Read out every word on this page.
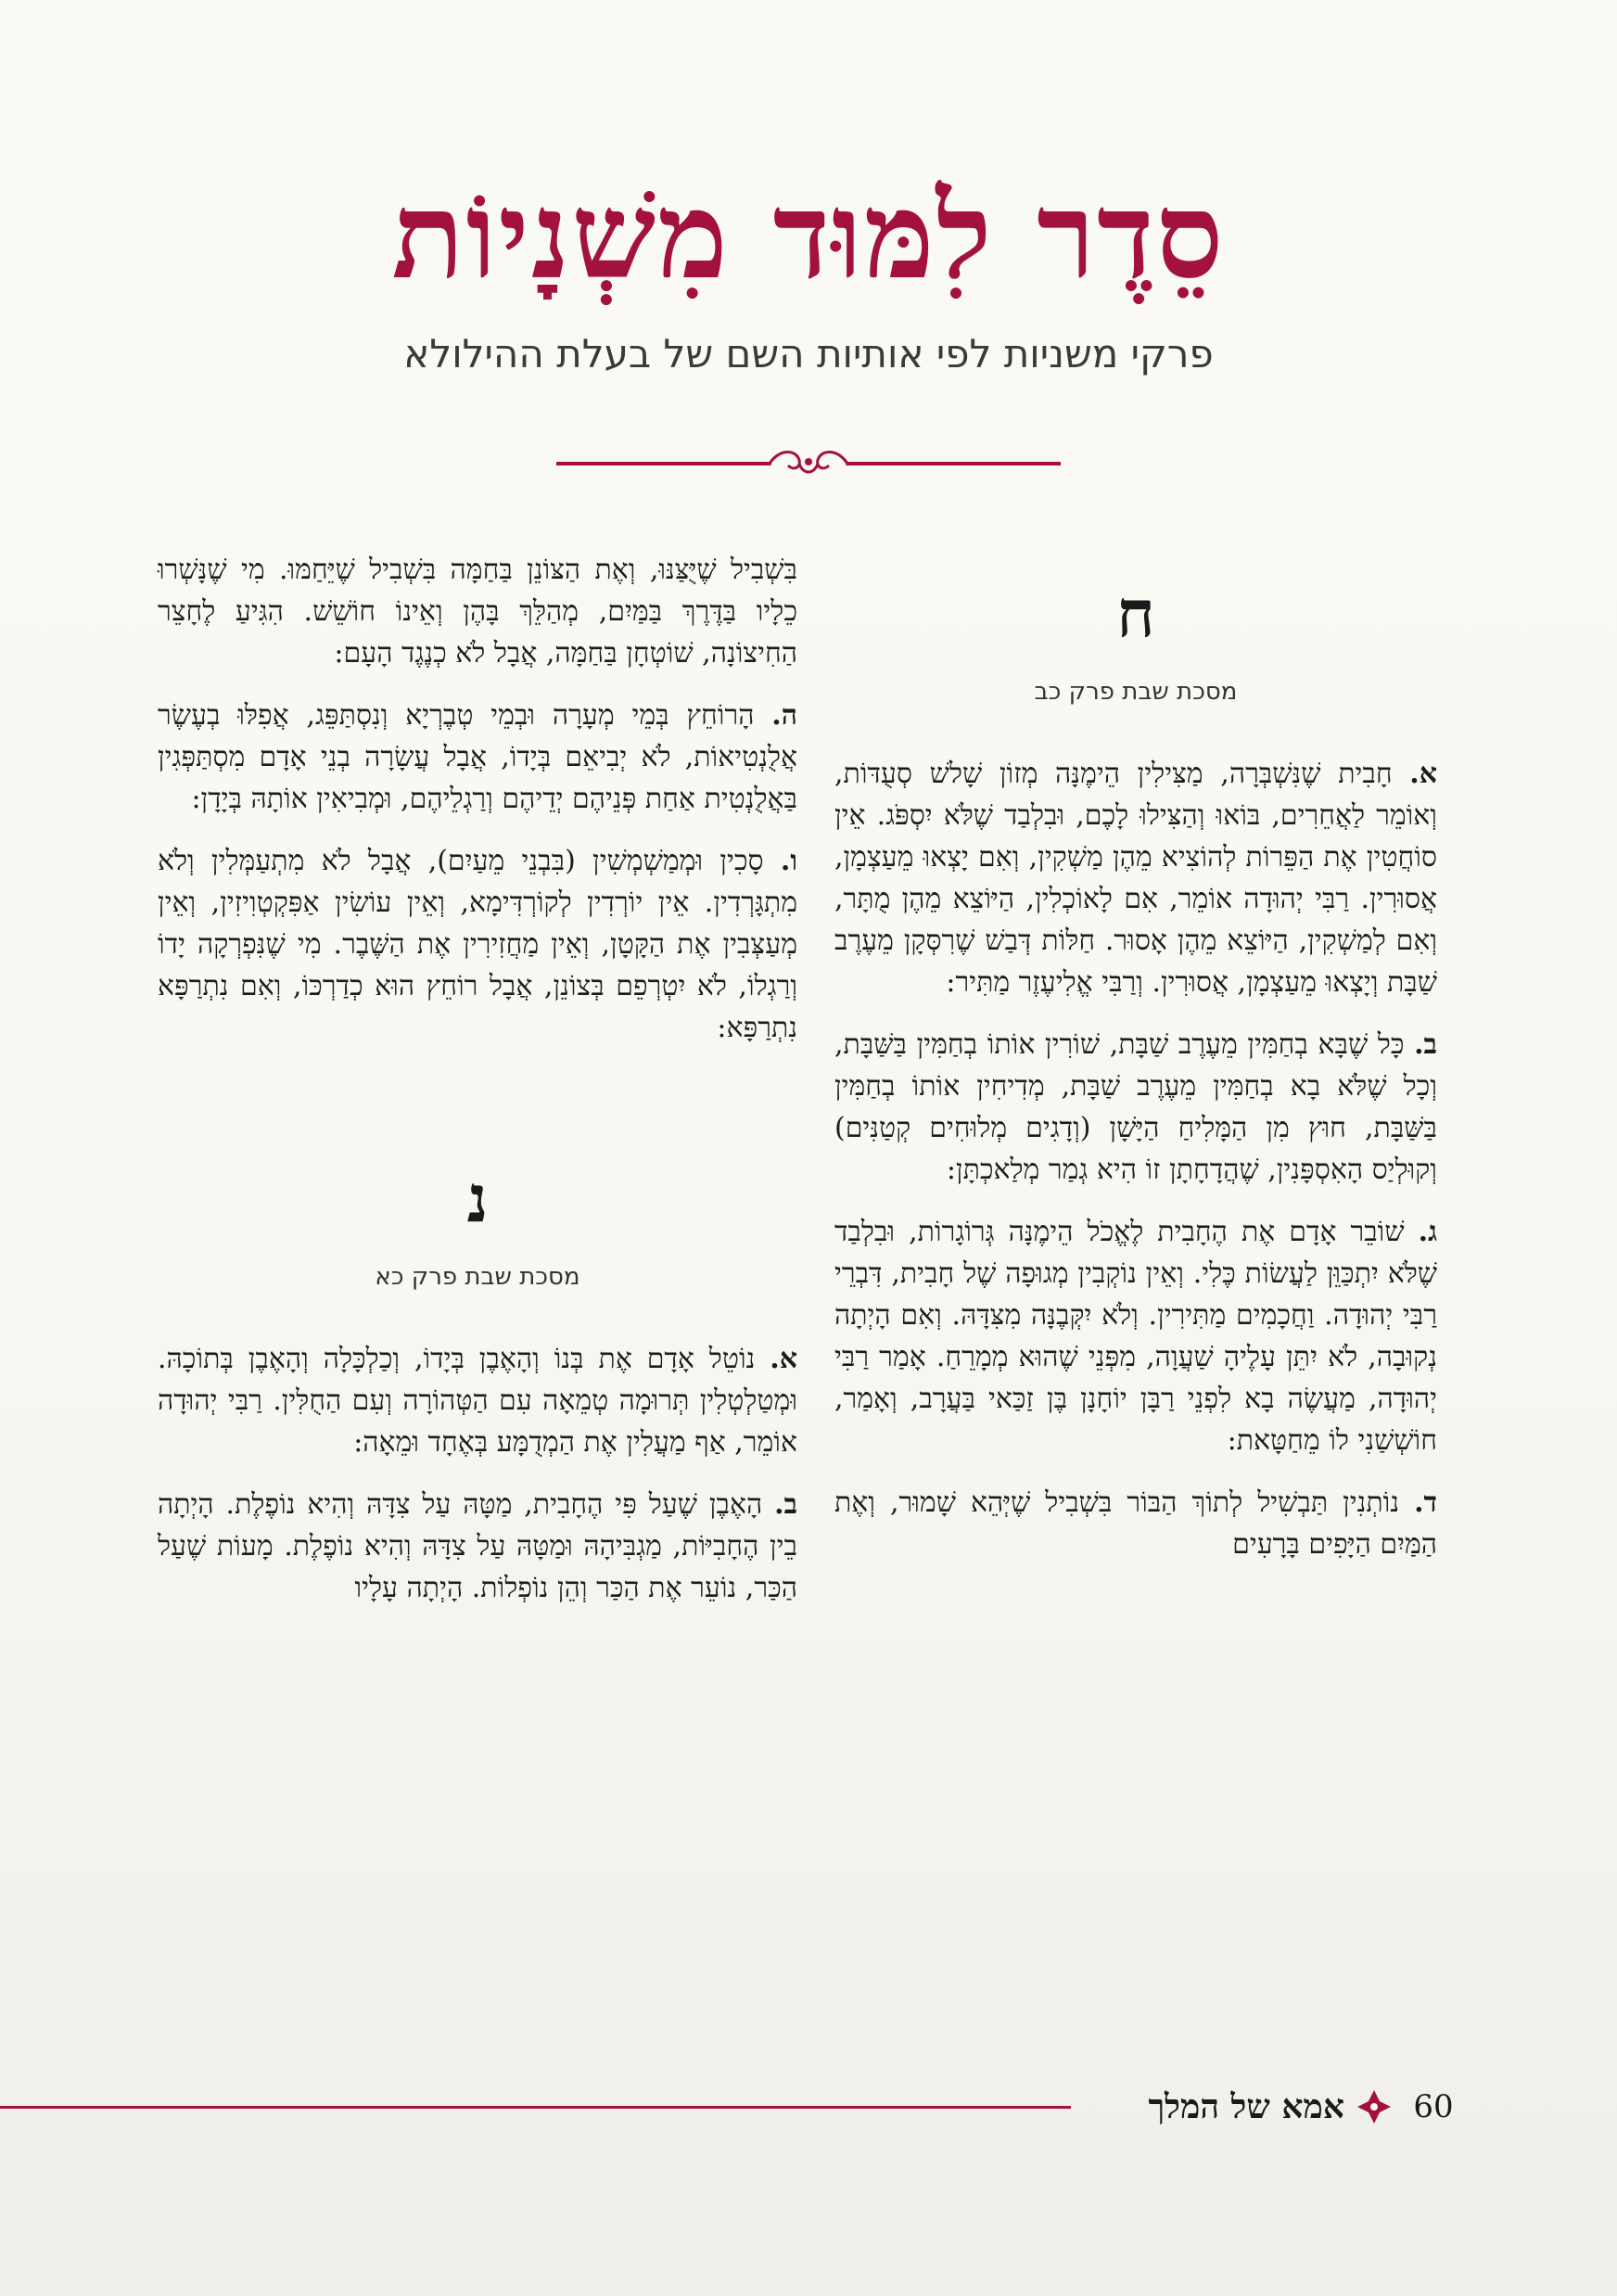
סֵדֶר לִמּוּד מִשְׁנָיוֹת
פרקי משניות לפי אותיות השם של בעלת ההילולא
ח
מסכת שבת פרק כב

א. חָבִית שֶׁנִּשְׁבְּרָה, מַצִּילִין הֵימֶנָּה מְזוֹן שָׁלשׁ סְעֻדּוֹת, וְאוֹמֵר לַאֲחֵרִים, בּוֹאוּ וְהַצִּילוּ לָכֶם, וּבִלְבַד שֶׁלֹּא יִסְפֹּג. אֵין סוֹחֲטִין אֶת הַפֵּרוֹת לְהוֹצִיא מֵהֶן מַשְׁקִין, וְאִם יָצְאוּ מֵעַצְמָן, אֲסוּרִין. רַבִּי יְהוּדָה אוֹמֵר, אִם לָאוֹכְלִין, הַיּוֹצֵא מֵהֶן מֻתָּר, וְאִם לְמַשְׁקִין, הַיּוֹצֵא מֵהֶן אָסוּר. חַלּוֹת דְּבַשׁ שֶׁרִסְּקָן מֵעֶרֶב שַׁבָּת וְיָצְאוּ מֵעַצְמָן, אֲסוּרִין. וְרַבִּי אֱלִיעֶזֶר מַתִּיר:

ב. כָּל שֶׁבָּא בְחַמִּין מֵעֶרֶב שַׁבָּת, שׁוֹרִין אוֹתוֹ בְחַמִּין בַּשַּׁבָּת, וְכָל שֶׁלֹּא בָא בְחַמִּין מֵעֶרֶב שַׁבָּת, מְדִיחִין אוֹתוֹ בְחַמִּין בַּשַּׁבָּת, חוּץ מִן הַמָּלִיחַ הַיָּשָׁן (וְדָגִים מְלוּחִים קְטַנִּים) וְקוּלְיַס הָאִסְפָּנִין, שֶׁהֲדָחָתָן זוֹ הִיא גְמַר מְלַאכְתָּן:

ג. שׁוֹבֵר אָדָם אֶת הֶחָבִית לֶאֱכֹל הֵימֶנָּה גְּרוֹגָרוֹת, וּבִלְבַד שֶׁלֹּא יִתְכַּוֵּן לַעֲשׂוֹת כֶּלִי. וְאֵין נוֹקְבִין מְגוּפָה שֶׁל חָבִית, דִּבְרֵי רַבִּי יְהוּדָה. וַחֲכָמִים מַתִּירִין. וְלֹא יִקְּבֶנָּה מִצִּדָּהּ. וְאִם הָיְתָה נְקוּבָה, לֹא יִתֵּן עָלֶיהָ שַׁעֲוָה, מִפְּנֵי שֶׁהוּא מְמָרֵחַ. אָמַר רַבִּי יְהוּדָה, מַעֲשֶׂה בָא לִפְנֵי רַבָּן יוֹחָנָן בֶּן זַכַּאי בַּעֲרָב, וְאָמַר, חוֹשְׁשַׁנִי לוֹ מֵחַטָּאת:

ד. נוֹתְנִין תַּבְשִׁיל לְתוֹךְ הַבּוֹר בִּשְׁבִיל שֶׁיְּהֵא שָׁמוּר, וְאֶת הַמַּיִם הַיָּפִים בָּרָעִים

בִּשְׁבִיל שֶׁיֻּצַּנּוּ, וְאֶת הַצּוֹנֵן בַּחַמָּה בִּשְׁבִיל שֶׁיֵּחַמּוּ. מִי שֶׁנָּשְׁרוּ כֵלָיו בַּדֶּרֶךְ בַּמַּיִם, מְהַלֵּךְ בָּהֶן וְאֵינוֹ חוֹשֵׁשׁ. הִגִּיעַ לֶחָצֵר הַחִיצוֹנָה, שׁוֹטְחָן בַּחַמָּה, אֲבָל לֹא כְנֶגֶד הָעָם:

ה. הָרוֹחֵץ בְּמֵי מְעָרָה וּבְמֵי טְבֶרְיָא וְנִסְתַּפֵּג, אֲפִלּוּ בְעֶשֶׂר אֲלֻנְטִיאוֹת, לֹא יְבִיאֵם בְּיָדוֹ, אֲבָל עֲשָׂרָה בְנֵי אָדָם מִסְתַּפְּגִין בַּאֲלֻנְטִית אַחַת פְּנֵיהֶם יְדֵיהֶם וְרַגְלֵיהֶם, וּמְבִיאִין אוֹתָהּ בְּיָדָן:

ו. סָכִין וּמְמַשְׁמְשִׁין (בִּבְנֵי מֵעַיִם), אֲבָל לֹא מִתְעַמְּלִין וְלֹא מִתְגָּרְדִין. אֵין יוֹרְדִין לְקוֹרְדִּימָא, וְאֵין עוֹשִׂין אַפִּקְטְוִיזִין, וְאֵין מְעַצְּבִין אֶת הַקָּטָן, וְאֵין מַחֲזִירִין אֶת הַשֶּׁבֶר. מִי שֶׁנִּפְרְקָה יָדוֹ וְרַגְלוֹ, לֹא יִטְרְפֵם בְּצוֹנֵן, אֲבָל רוֹחֵץ הוּא כְדַרְכּוֹ, וְאִם נִתְרַפָּא נִתְרַפָּא:

נ
מסכת שבת פרק כא

א. נוֹטֵל אָדָם אֶת בְּנוֹ וְהָאֶבֶן בְּיָדוֹ, וְכַלְכָּלָה וְהָאֶבֶן בְּתוֹכָהּ. וּמְטַלְטְלִין תְּרוּמָה טְמֵאָה עִם הַטְּהוֹרָה וְעִם הַחֻלִּין. רַבִּי יְהוּדָה אוֹמֵר, אַף מַעֲלִין אֶת הַמְדֻמָּע בְּאֶחָד וּמֵאָה:

ב. הָאֶבֶן שֶׁעַל פִּי הֶחָבִית, מַטָּהּ עַל צִדָּהּ וְהִיא נוֹפֶלֶת. הָיְתָה בֵין הֶחָבִיּוֹת, מַגְבִּיהָהּ וּמַטָּהּ עַל צִדָּהּ וְהִיא נוֹפֶלֶת. מָעוֹת שֶׁעַל הַכַּר, נוֹעֵר אֶת הַכַּר וְהֵן נוֹפְלוֹת. הָיְתָה עָלָיו

אמא של המלך 60
